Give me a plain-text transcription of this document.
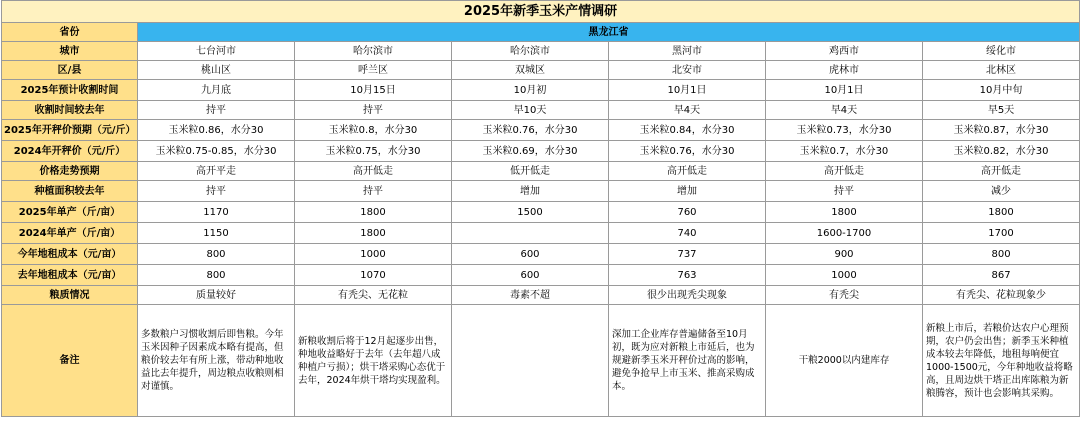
2025年新季玉米产情调研						
省份	黑龙江省					
城市	七台河市	哈尔滨市	哈尔滨市	黑河市	鸡西市	绥化市
区/县	桃山区	呼兰区	双城区	北安市	虎林市	北林区
2025年预计收割时间	九月底	10月15日	10月初	10月1日	10月1日	10月中旬
收割时间较去年	持平	持平	早10天	早4天	早4天	早5天
2025年开秤价预期（元/斤）	玉米粒0.86，水分30	玉米粒0.8，水分30	玉米粒0.76，水分30	玉米粒0.84，水分30	玉米粒0.73，水分30	玉米粒0.87，水分30
2024年开秤价（元/斤）	玉米粒0.75-0.85，水分30	玉米粒0.75，水分30	玉米粒0.69，水分30	玉米粒0.76，水分30	玉米粒0.7，水分30	玉米粒0.82，水分30
价格走势预期	高开平走	高开低走	低开低走	高开低走	高开低走	高开低走
种植面积较去年	持平	持平	增加	增加	持平	减少
2025年单产（斤/亩）	1170	1800	1500	760	1800	1800
2024年单产（斤/亩）	1150	1800		740	1600-1700	1700
今年地租成本（元/亩）	800	1000	600	737	900	800
去年地租成本（元/亩）	800	1070	600	763	1000	867
粮质情况	质量较好	有秃尖、无花粒	毒素不超	很少出现秃尖现象	有秃尖	有秃尖、花粒现象少
备注	多数粮户习惯收割后即售粮。今年玉米因种子因素成本略有提高，但粮价较去年有所上涨，带动种地收益比去年提升，周边粮点收粮则相对谨慎。	新粮收割后将于12月起逐步出售，种地收益略好于去年（去年超八成种植户亏损）；烘干塔采购心态优于去年，2024年烘干塔均实现盈利。		深加工企业库存普遍储备至10月初，既为应对新粮上市延后，也为规避新季玉米开秤价过高的影响，避免争抢早上市玉米、推高采购成本。	干粮2000以内建库存	新粮上市后，若粮价达农户心理预期，农户仍会出售；新季玉米种植成本较去年降低，地租每响便宜1000-1500元，今年种地收益将略高，且周边烘干塔正出库陈粮为新粮腾容，预计也会影响其采购。
